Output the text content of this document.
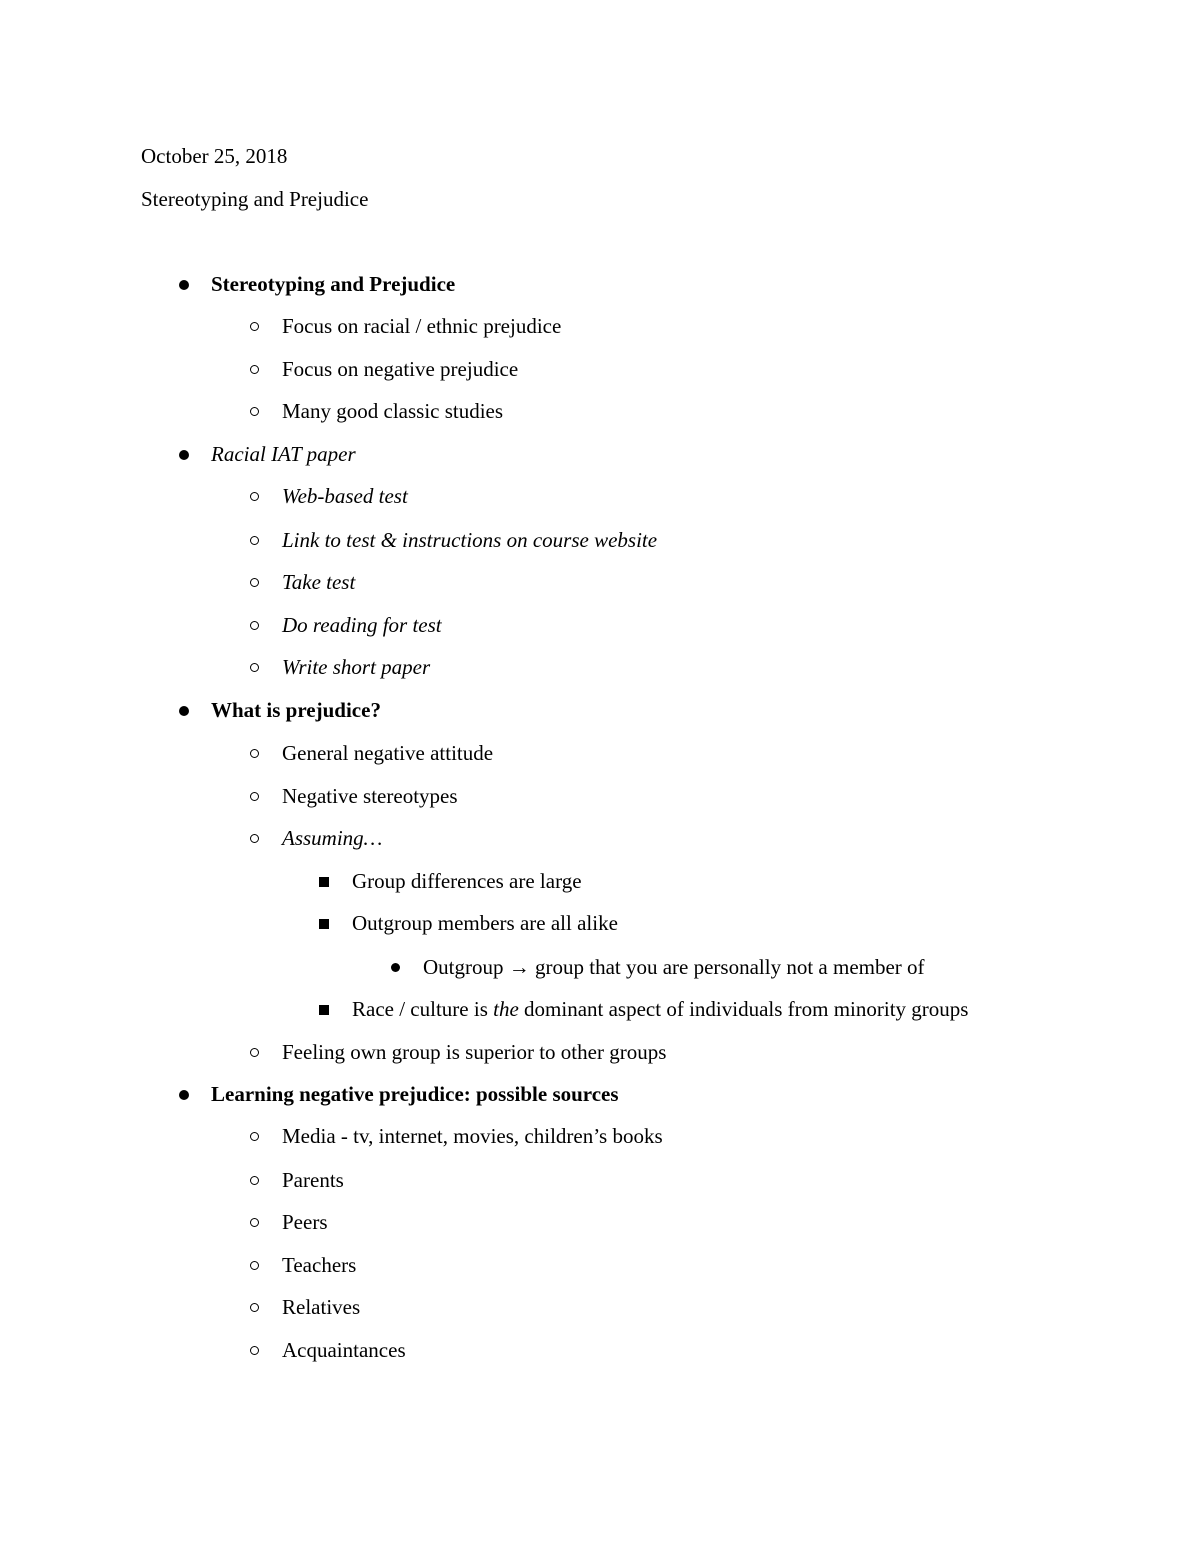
October 25, 2018
Stereotyping and Prejudice
Stereotyping and Prejudice
Focus on racial / ethnic prejudice
Focus on negative prejudice
Many good classic studies
Racial IAT paper
Web-based test
Link to test & instructions on course website
Take test
Do reading for test
Write short paper
What is prejudice?
General negative attitude
Negative stereotypes
Assuming…
Group differences are large
Outgroup members are all alike
Outgroup → group that you are personally not a member of
Race / culture is the dominant aspect of individuals from minority groups
Feeling own group is superior to other groups
Learning negative prejudice: possible sources
Media - tv, internet, movies, children’s books
Parents
Peers
Teachers
Relatives
Acquaintances
